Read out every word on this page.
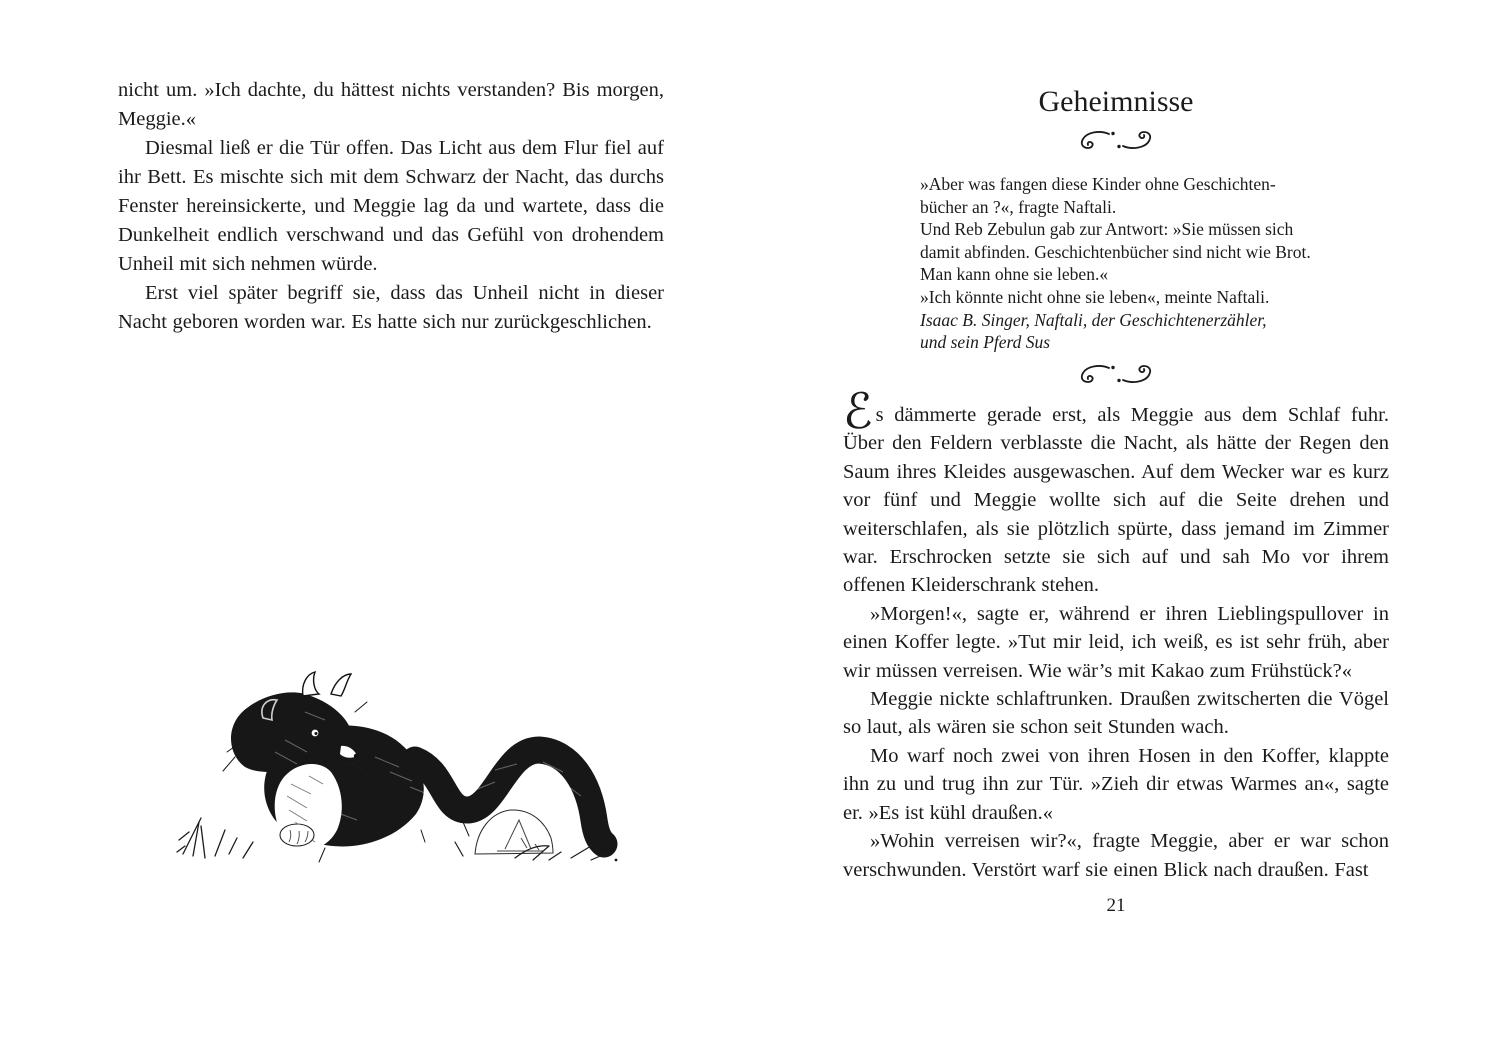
nicht um. »Ich dachte, du hättest nichts verstanden? Bis morgen, Meggie.«

Diesmal ließ er die Tür offen. Das Licht aus dem Flur fiel auf ihr Bett. Es mischte sich mit dem Schwarz der Nacht, das durchs Fenster hereinsickerte, und Meggie lag da und wartete, dass die Dunkelheit endlich verschwand und das Gefühl von drohendem Unheil mit sich nehmen würde.

Erst viel später begriff sie, dass das Unheil nicht in dieser Nacht geboren worden war. Es hatte sich nur zurückgeschlichen.

Geheimnisse
»Aber was fangen diese Kinder ohne Geschichten-
bücher an ?«, fragte Naftali.
Und Reb Zebulun gab zur Antwort: »Sie müssen sich
damit abfinden. Geschichtenbücher sind nicht wie Brot.
Man kann ohne sie leben.«
»Ich könnte nicht ohne sie leben«, meinte Naftali.
Isaac B. Singer, Naftali, der Geschichtenerzähler,
und sein Pferd Sus

ℰs dämmerte gerade erst, als Meggie aus dem Schlaf fuhr. Über den Feldern verblasste die Nacht, als hätte der Regen den Saum ihres Kleides ausgewaschen. Auf dem Wecker war es kurz vor fünf und Meggie wollte sich auf die Seite drehen und weiterschlafen, als sie plötzlich spürte, dass jemand im Zimmer war. Erschrocken setzte sie sich auf und sah Mo vor ihrem offenen Kleiderschrank stehen.

»Morgen!«, sagte er, während er ihren Lieblingspullover in einen Koffer legte. »Tut mir leid, ich weiß, es ist sehr früh, aber wir müssen verreisen. Wie wär’s mit Kakao zum Frühstück?«

Meggie nickte schlaftrunken. Draußen zwitscherten die Vögel so laut, als wären sie schon seit Stunden wach.

Mo warf noch zwei von ihren Hosen in den Koffer, klappte ihn zu und trug ihn zur Tür. »Zieh dir etwas Warmes an«, sagte er. »Es ist kühl draußen.«

»Wohin verreisen wir?«, fragte Meggie, aber er war schon verschwunden. Verstört warf sie einen Blick nach draußen. Fast

21
